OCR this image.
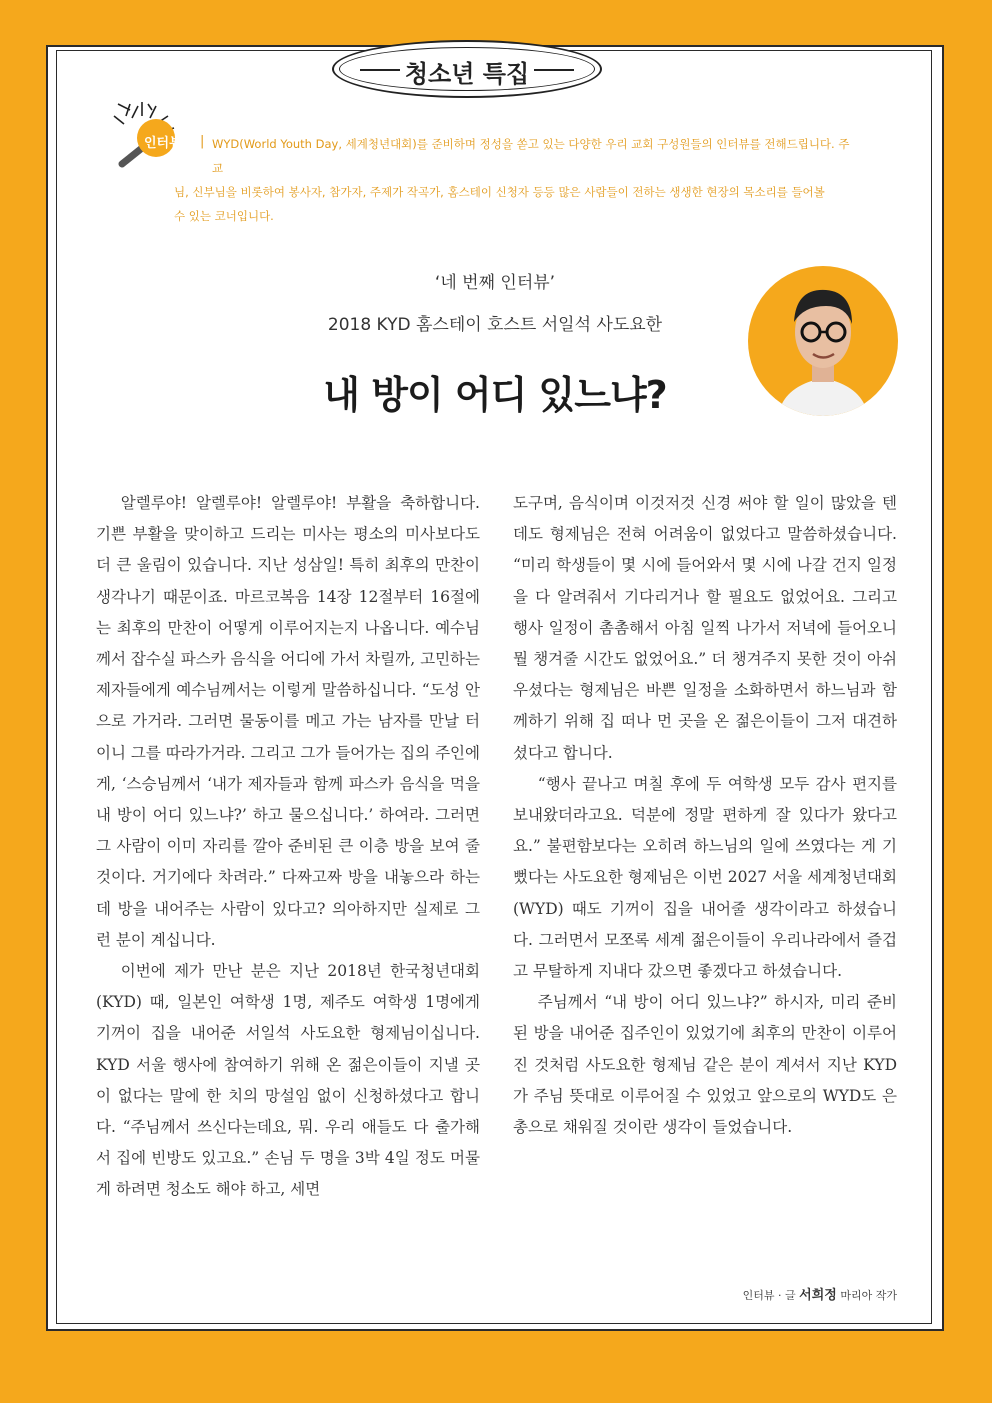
청소년 특집
인터뷰 | WYD(World Youth Day, 세계청년대회)를 준비하며 정성을 쏟고 있는 다양한 우리 교회 구성원들의 인터뷰를 전해드립니다. 주교

님, 신부님을 비롯하여 봉사자, 참가자, 주제가 작곡가, 홈스테이 신청자 등등 많은 사람들이 전하는 생생한 현장의 목소리를 들어볼

수 있는 코너입니다.

‘네 번째 인터뷰’
2018 KYD 홈스테이 호스트 서일석 사도요한
내 방이 어디 있느냐?

알렐루야! 알렐루야! 알렐루야! 부활을 축하합니다. 기쁜 부활을 맞이하고 드리는 미사는 평소의 미사보다도 더 큰 울림이 있습니다. 지난 성삼일! 특히 최후의 만찬이 생각나기 때문이죠. 마르코복음 14장 12절부터 16절에는 최후의 만찬이 어떻게 이루어지는지 나옵니다. 예수님께서 잡수실 파스카 음식을 어디에 가서 차릴까, 고민하는 제자들에게 예수님께서는 이렇게 말씀하십니다. “도성 안으로 가거라. 그러면 물동이를 메고 가는 남자를 만날 터이니 그를 따라가거라. 그리고 그가 들어가는 집의 주인에게, ‘스승님께서 ‘내가 제자들과 함께 파스카 음식을 먹을 내 방이 어디 있느냐?’ 하고 물으십니다.’ 하여라. 그러면 그 사람이 이미 자리를 깔아 준비된 큰 이층 방을 보여 줄 것이다. 거기에다 차려라.” 다짜고짜 방을 내놓으라 하는데 방을 내어주는 사람이 있다고? 의아하지만 실제로 그런 분이 계십니다.

이번에 제가 만난 분은 지난 2018년 한국청년대회(KYD) 때, 일본인 여학생 1명, 제주도 여학생 1명에게 기꺼이 집을 내어준 서일석 사도요한 형제님이십니다. KYD 서울 행사에 참여하기 위해 온 젊은이들이 지낼 곳이 없다는 말에 한 치의 망설임 없이 신청하셨다고 합니다. “주님께서 쓰신다는데요, 뭐. 우리 애들도 다 출가해서 집에 빈방도 있고요.” 손님 두 명을 3박 4일 정도 머물게 하려면 청소도 해야 하고, 세면

도구며, 음식이며 이것저것 신경 써야 할 일이 많았을 텐데도 형제님은 전혀 어려움이 없었다고 말씀하셨습니다. “미리 학생들이 몇 시에 들어와서 몇 시에 나갈 건지 일정을 다 알려줘서 기다리거나 할 필요도 없었어요. 그리고 행사 일정이 촘촘해서 아침 일찍 나가서 저녁에 들어오니 뭘 챙겨줄 시간도 없었어요.” 더 챙겨주지 못한 것이 아쉬우셨다는 형제님은 바쁜 일정을 소화하면서 하느님과 함께하기 위해 집 떠나 먼 곳을 온 젊은이들이 그저 대견하셨다고 합니다.

“행사 끝나고 며칠 후에 두 여학생 모두 감사 편지를 보내왔더라고요. 덕분에 정말 편하게 잘 있다가 왔다고요.” 불편함보다는 오히려 하느님의 일에 쓰였다는 게 기뻤다는 사도요한 형제님은 이번 2027 서울 세계청년대회(WYD) 때도 기꺼이 집을 내어줄 생각이라고 하셨습니다. 그러면서 모쪼록 세계 젊은이들이 우리나라에서 즐겁고 무탈하게 지내다 갔으면 좋겠다고 하셨습니다.

주님께서 “내 방이 어디 있느냐?” 하시자, 미리 준비된 방을 내어준 집주인이 있었기에 최후의 만찬이 이루어진 것처럼 사도요한 형제님 같은 분이 계셔서 지난 KYD가 주님 뜻대로 이루어질 수 있었고 앞으로의 WYD도 은총으로 채워질 것이란 생각이 들었습니다.

인터뷰 · 글 서희정 마리아 작가
